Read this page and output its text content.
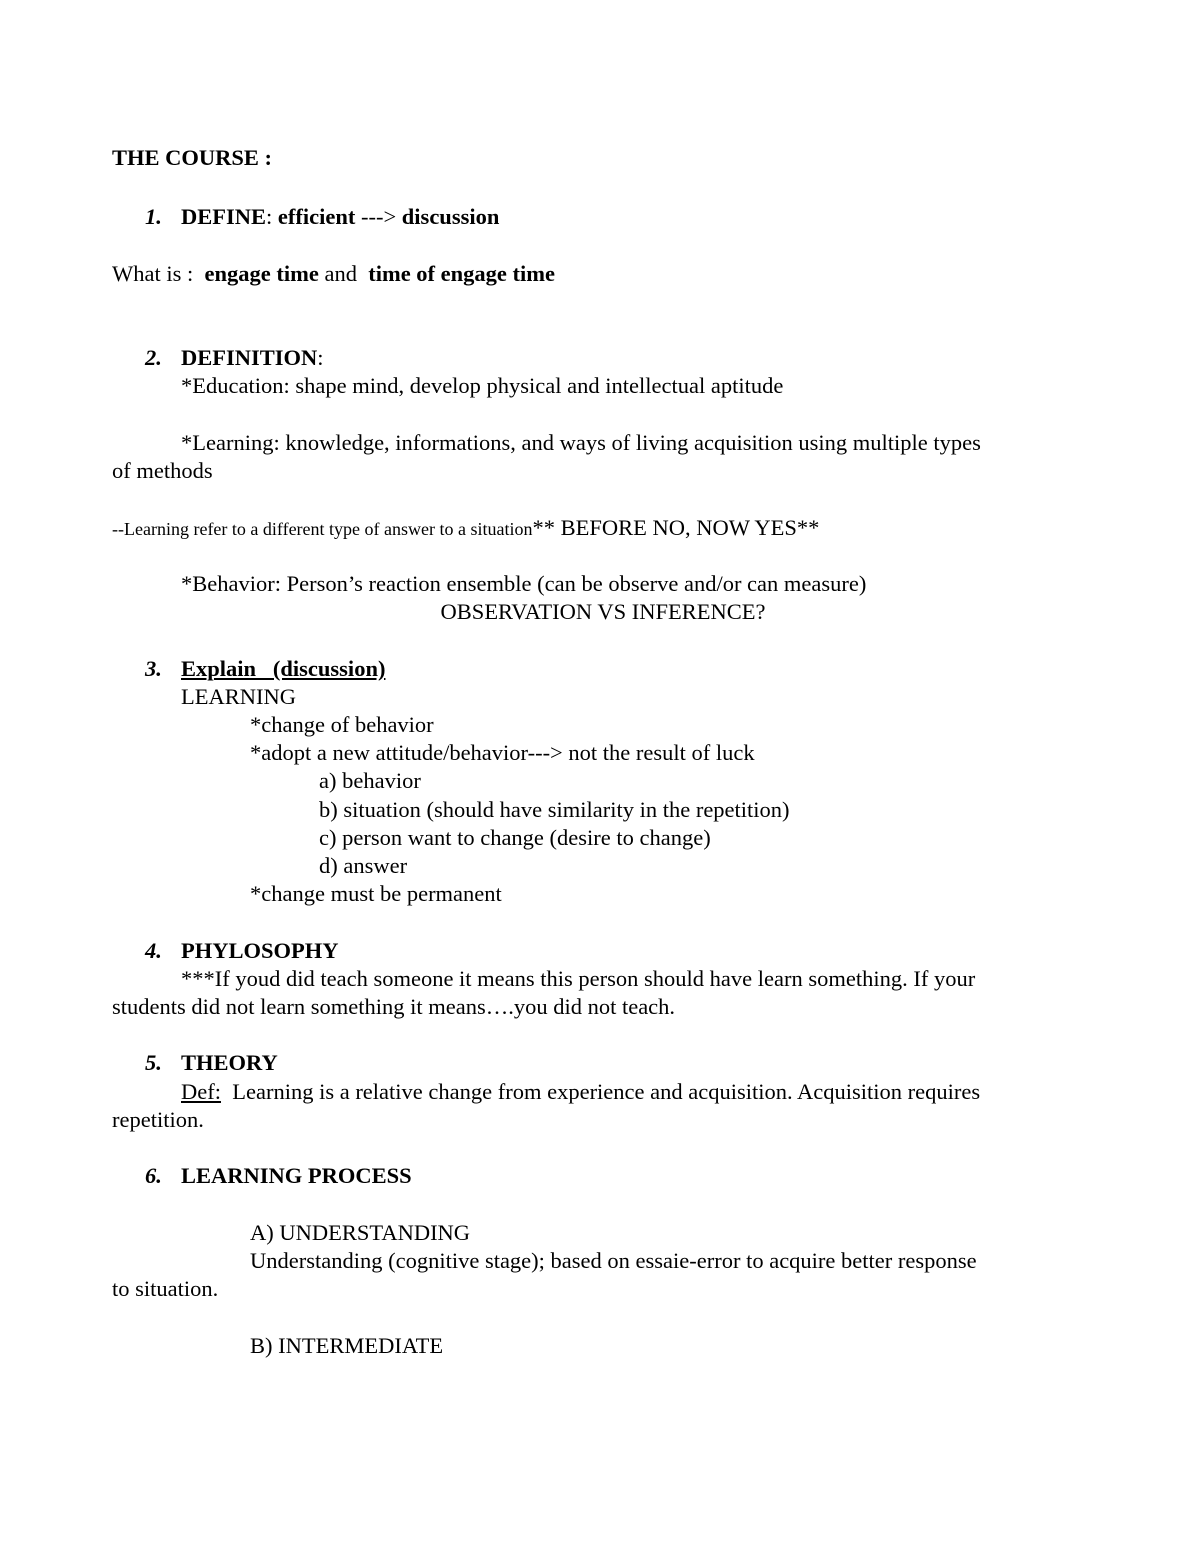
THE COURSE :
1. DEFINE: efficient ---> discussion
What is : engage time and  time of engage time
2. DEFINITION:
*Education: shape mind, develop physical and intellectual aptitude
*Learning: knowledge, informations, and ways of living acquisition using multiple types
of methods
--Learning refer to a different type of answer to a situation** BEFORE NO, NOW YES**
*Behavior: Person’s reaction ensemble (can be observe and/or can measure)
OBSERVATION VS INFERENCE?
3. Explain   (discussion)
LEARNING
*change of behavior
*adopt a new attitude/behavior---> not the result of luck
a) behavior
b) situation (should have similarity in the repetition)
c) person want to change (desire to change)
d) answer
*change must be permanent
4. PHYLOSOPHY
***If youd did teach someone it means this person should have learn something. If your
students did not learn something it means….you did not teach.
5. THEORY
Def:  Learning is a relative change from experience and acquisition. Acquisition requires
repetition.
6. LEARNING PROCESS
A) UNDERSTANDING
Understanding (cognitive stage); based on essaie-error to acquire better response
to situation.
B) INTERMEDIATE
